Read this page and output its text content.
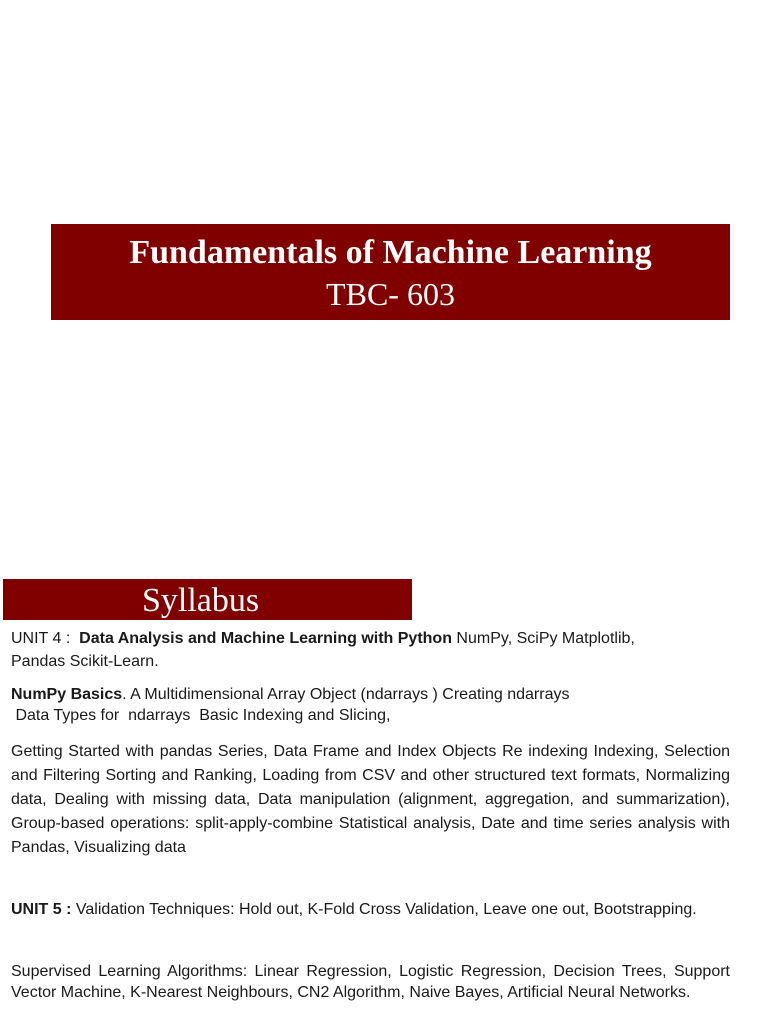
Fundamentals of Machine Learning
TBC- 603
Syllabus

UNIT 4 :  Data Analysis and Machine Learning with Python NumPy, SciPy Matplotlib,

Pandas Scikit-Learn.

NumPy Basics. A Multidimensional Array Object (ndarrays ) Creating ndarrays

Data Types for  ndarrays  Basic Indexing and Slicing,

Getting Started with pandas Series, Data Frame and Index Objects Re indexing Indexing, Selection and Filtering Sorting and Ranking, Loading from CSV and other structured text formats, Normalizing data, Dealing with missing data, Data manipulation (alignment, aggregation, and summarization), Group-based operations: split-apply-combine Statistical analysis, Date and time series analysis with Pandas, Visualizing data

UNIT 5 : Validation Techniques: Hold out, K-Fold Cross Validation, Leave one out, Bootstrapping.

Supervised Learning Algorithms: Linear Regression, Logistic Regression, Decision Trees, Support Vector Machine, K-Nearest Neighbours, CN2 Algorithm, Naive Bayes, Artificial Neural Networks.
